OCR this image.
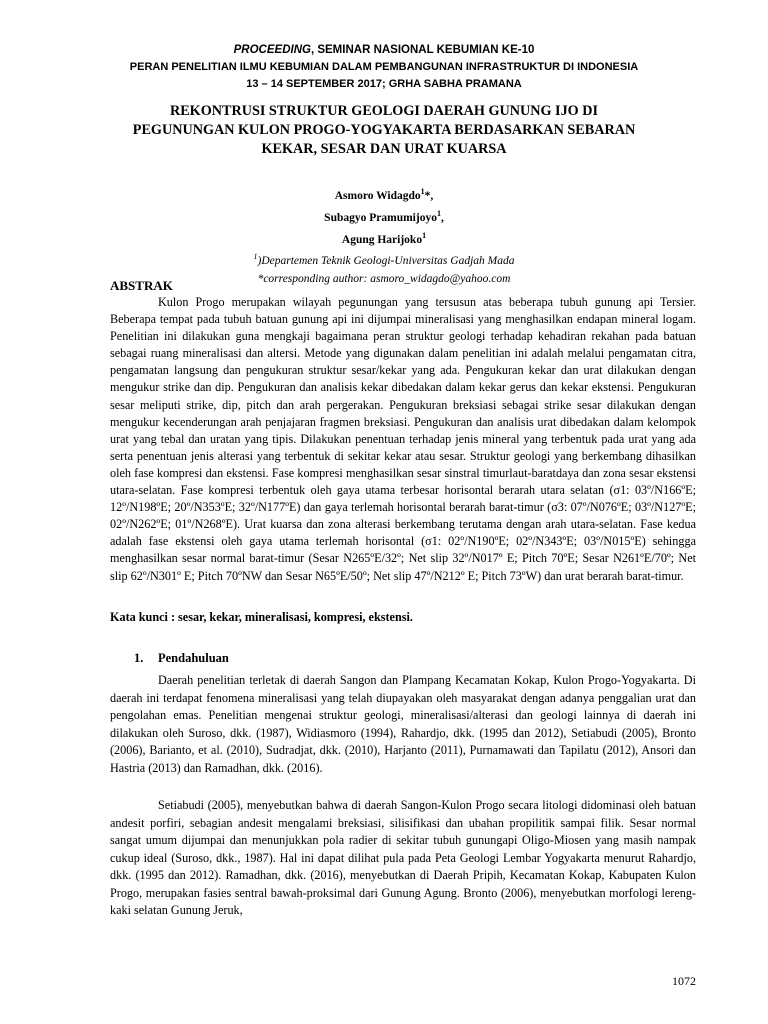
PROCEEDING, SEMINAR NASIONAL KEBUMIAN KE-10
PERAN PENELITIAN ILMU KEBUMIAN DALAM PEMBANGUNAN INFRASTRUKTUR DI INDONESIA
13 – 14 SEPTEMBER 2017; GRHA SABHA PRAMANA
REKONTRUSI STRUKTUR GEOLOGI DAERAH GUNUNG IJO DI
PEGUNUNGAN KULON PROGO-YOGYAKARTA BERDASARKAN SEBARAN
KEKAR, SESAR DAN URAT KUARSA
Asmoro Widagdo$^1$*,
Subagyo Pramumijoyo$^1$,
Agung Harijoko$^1$
$^1$)Departemen Teknik Geologi-Universitas Gadjah Mada
*corresponding author: asmoro_widagdo@yahoo.com
ABSTRAK

Kulon Progo merupakan wilayah pegunungan yang tersusun atas beberapa tubuh gunung api Tersier. Beberapa tempat pada tubuh batuan gunung api ini dijumpai mineralisasi yang menghasilkan endapan mineral logam. Penelitian ini dilakukan guna mengkaji bagaimana peran struktur geologi terhadap kehadiran rekahan pada batuan sebagai ruang mineralisasi dan altersi. Metode yang digunakan dalam penelitian ini adalah melalui pengamatan citra, pengamatan langsung dan pengukuran struktur sesar/kekar yang ada. Pengukuran kekar dan urat dilakukan dengan mengukur strike dan dip. Pengukuran dan analisis kekar dibedakan dalam kekar gerus dan kekar ekstensi. Pengukuran sesar meliputi strike, dip, pitch dan arah pergerakan. Pengukuran breksiasi sebagai strike sesar dilakukan dengan mengukur kecenderungan arah penjajaran fragmen breksiasi. Pengukuran dan analisis urat dibedakan dalam kelompok urat yang tebal dan uratan yang tipis. Dilakukan penentuan terhadap jenis mineral yang terbentuk pada urat yang ada serta penentuan jenis alterasi yang terbentuk di sekitar kekar atau sesar. Struktur geologi yang berkembang dihasilkan oleh fase kompresi dan ekstensi. Fase kompresi menghasilkan sesar sinstral timurlaut-baratdaya dan zona sesar ekstensi utara-selatan. Fase kompresi terbentuk oleh gaya utama terbesar horisontal berarah utara selatan (σ1: 03º/N166ºE; 12º/N198ºE; 20º/N353ºE; 32º/N177ºE) dan gaya terlemah horisontal berarah barat-timur (σ3: 07º/N076ºE; 03º/N127ºE; 02º/N262ºE; 01º/N268ºE). Urat kuarsa dan zona alterasi berkembang terutama dengan arah utara-selatan. Fase kedua adalah fase ekstensi oleh gaya utama terlemah horisontal (σ1: 02º/N190ºE; 02º/N343ºE; 03º/N015ºE) sehingga menghasilkan sesar normal barat-timur (Sesar N265ºE/32º; Net slip 32º/N017º E; Pitch 70ºE; Sesar N261ºE/70º; Net slip 62º/N301º E; Pitch 70ºNW dan Sesar N65ºE/50º; Net slip 47º/N212º E; Pitch 73ºW) dan urat berarah barat-timur.

Kata kunci : sesar, kekar, mineralisasi, kompresi, ekstensi.
1. Pendahuluan

Daerah penelitian terletak di daerah Sangon dan Plampang Kecamatan Kokap, Kulon Progo-Yogyakarta. Di daerah ini terdapat fenomena mineralisasi yang telah diupayakan oleh masyarakat dengan adanya penggalian urat dan pengolahan emas. Penelitian mengenai struktur geologi, mineralisasi/alterasi dan geologi lainnya di daerah ini dilakukan oleh Suroso, dkk. (1987), Widiasmoro (1994), Rahardjo, dkk. (1995 dan 2012), Setiabudi (2005), Bronto (2006), Barianto, et al. (2010), Sudradjat, dkk. (2010), Harjanto (2011), Purnamawati dan Tapilatu (2012), Ansori dan Hastria (2013) dan Ramadhan, dkk. (2016).

Setiabudi (2005), menyebutkan bahwa di daerah Sangon-Kulon Progo secara litologi didominasi oleh batuan andesit porfiri, sebagian andesit mengalami breksiasi, silisifikasi dan ubahan propilitik sampai filik. Sesar normal sangat umum dijumpai dan menunjukkan pola radier di sekitar tubuh gunungapi Oligo-Miosen yang masih nampak cukup ideal (Suroso, dkk., 1987). Hal ini dapat dilihat pula pada Peta Geologi Lembar Yogyakarta menurut Rahardjo, dkk. (1995 dan 2012). Ramadhan, dkk. (2016), menyebutkan di Daerah Pripih, Kecamatan Kokap, Kabupaten Kulon Progo, merupakan fasies sentral bawah-proksimal dari Gunung Agung. Bronto (2006), menyebutkan morfologi lereng-kaki selatan Gunung Jeruk,

1072
